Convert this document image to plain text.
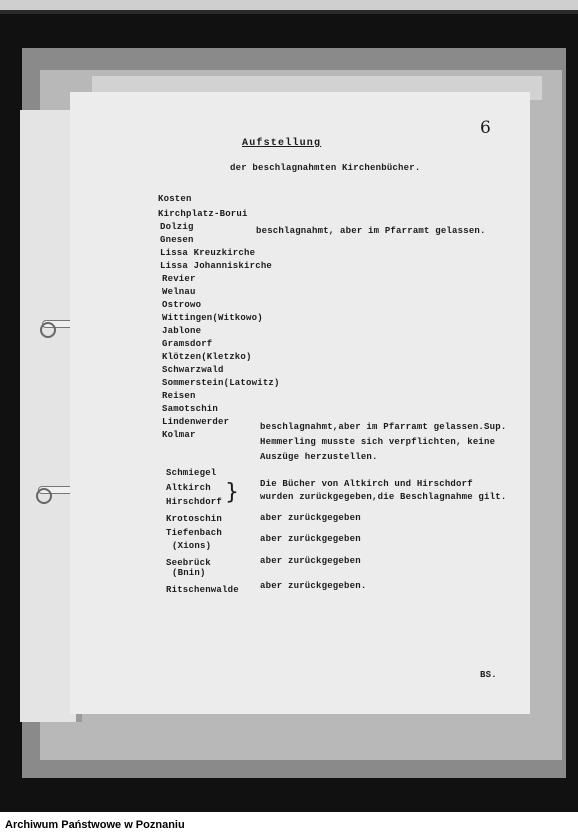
6
Aufstellung
der beschlagnahmten Kirchenbücher.
Kosten
Kirchplatz-Borui
Dolzig
Gnesen
Lissa Kreuzkirche
Lissa Johanniskirche
Revier
Welnau
Ostrowo
Wittingen(Witkowo)
Jablone
Gramsdorf
Klötzen(Kletzko)
Schwarzwald
Sommerstein(Latowitz)
Reisen
Samotschin
Lindenwerder
Kolmar
beschlagnahmt, aber im Pfarramt gelassen.
beschlagnahmt,aber im Pfarramt gelassen.Sup.
Hemmerling musste sich verpflichten, keine
Auszüge herzustellen.
Schmiegel
Altkirch
Hirschdorf } Die Bücher von Altkirch und Hirschdorf
wurden zurückgegeben,die Beschlagnahme gilt.
Krotoschin	aber zurückgegeben
Tiefenbach
(Xions)
aber zurückgegeben
Seebrück
(Bnin)
aber zurückgegeben
Ritschenwalde aber zurückgegeben.
BS.
Archiwum Państwowe w Poznaniu
